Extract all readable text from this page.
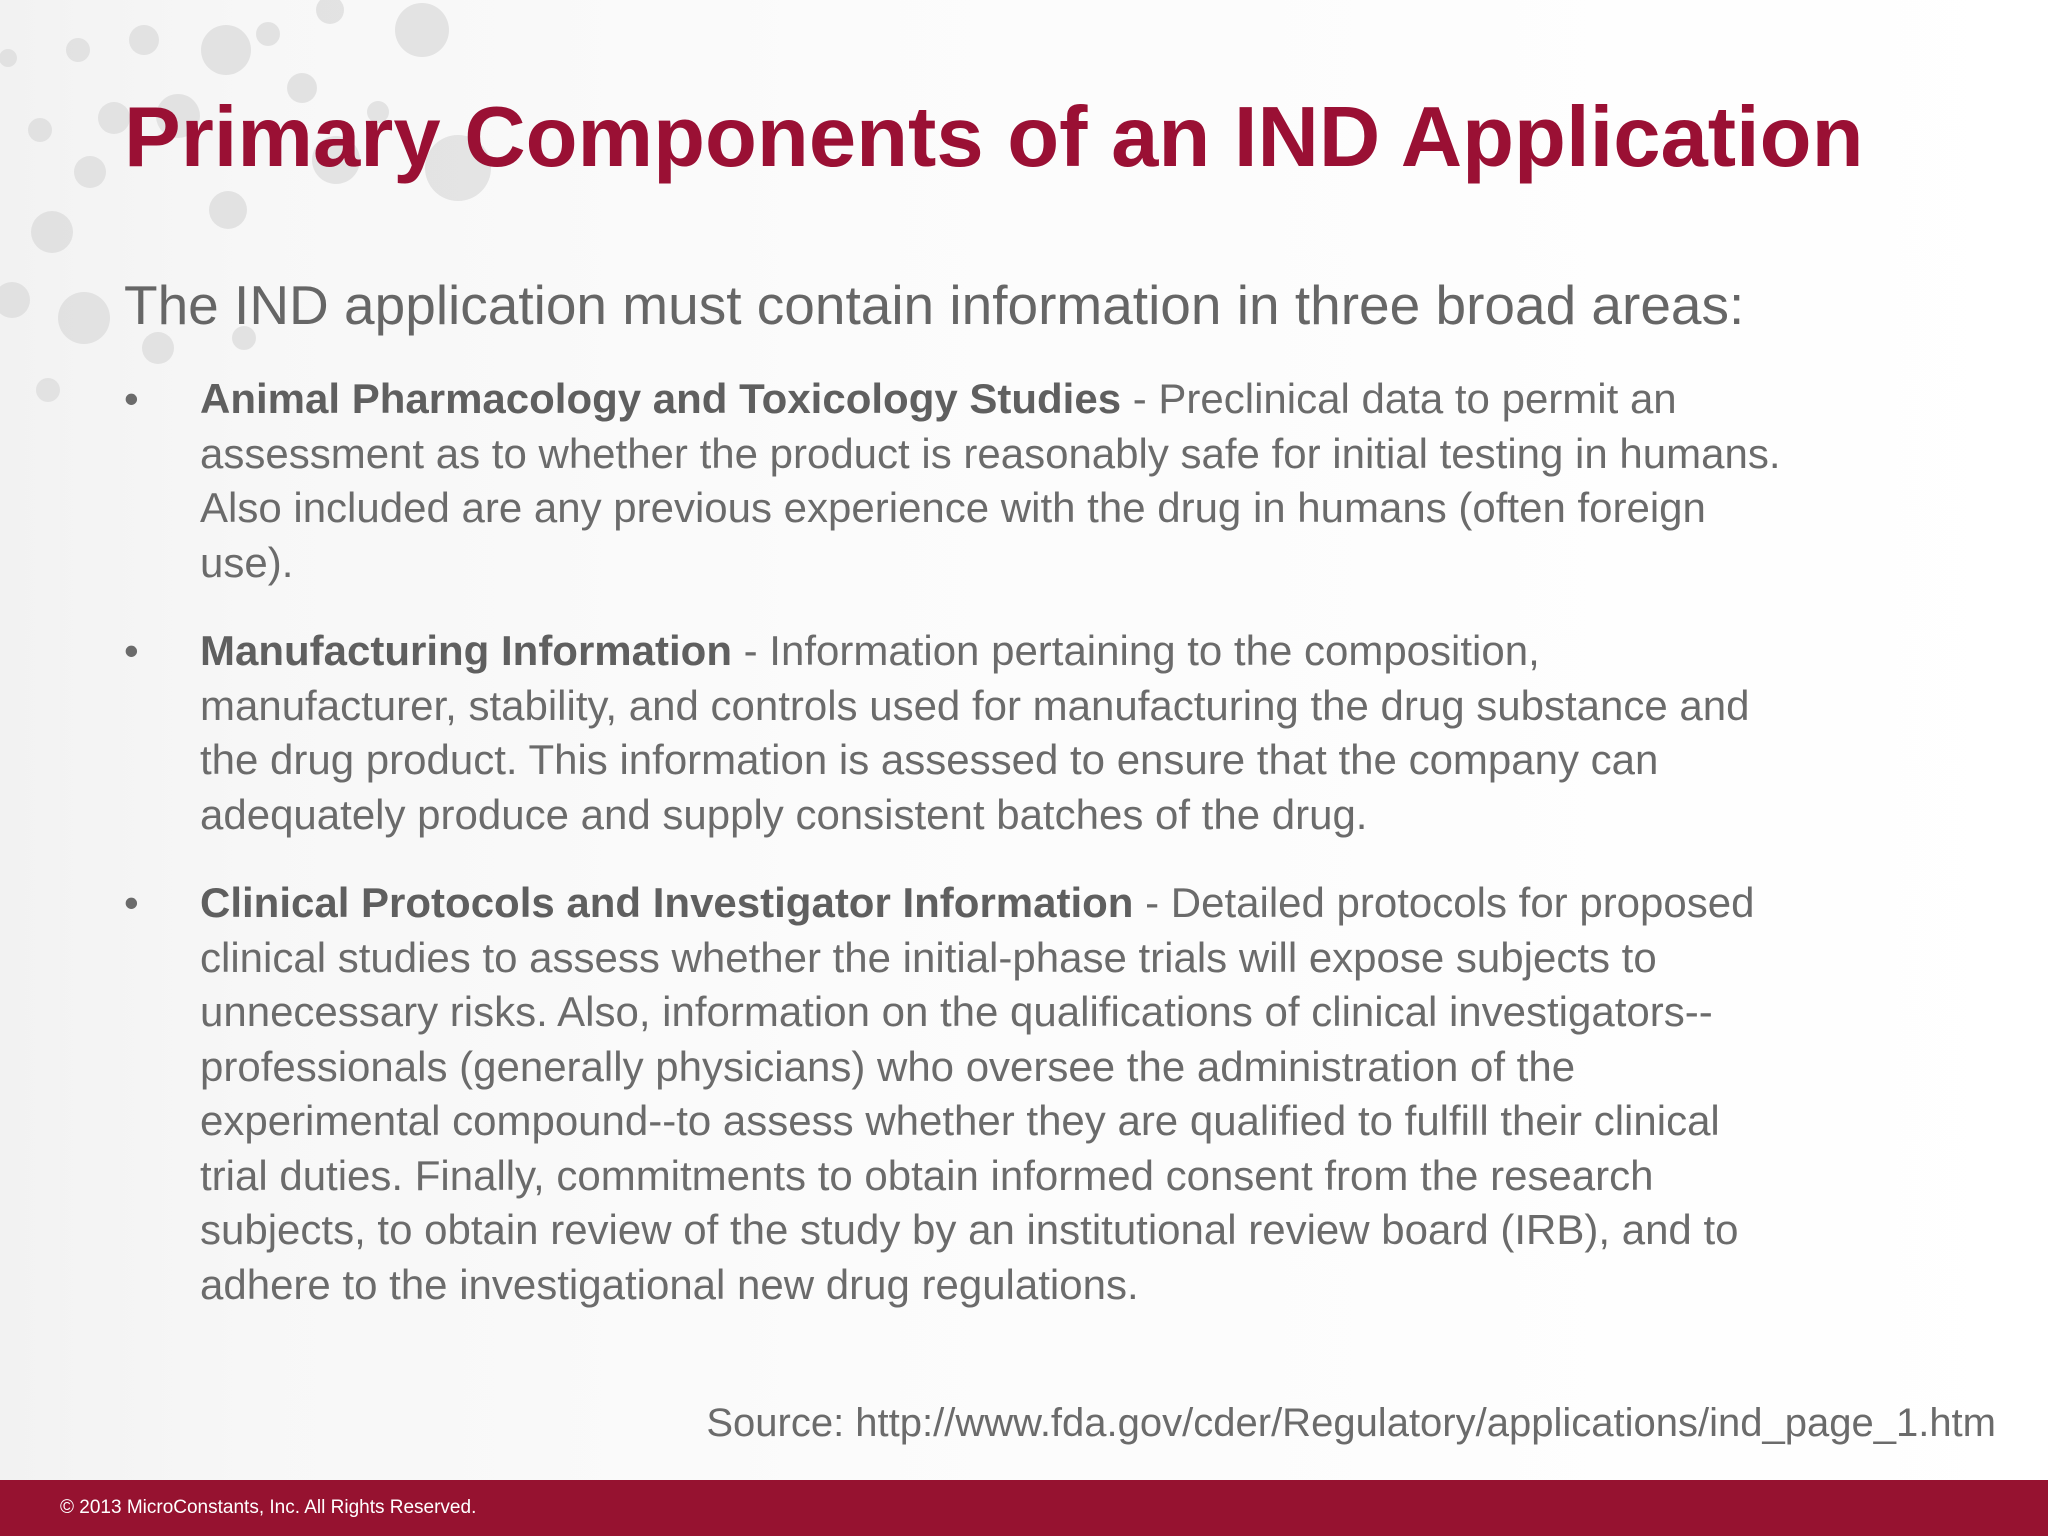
Primary Components of an IND Application

The IND application must contain information in three broad areas:

•	Animal Pharmacology and Toxicology Studies - Preclinical data to permit an
assessment as to whether the product is reasonably safe for initial testing in humans.
Also included are any previous experience with the drug in humans (often foreign
use).
•	Manufacturing Information - Information pertaining to the composition,
manufacturer, stability, and controls used for manufacturing the drug substance and
the drug product. This information is assessed to ensure that the company can
adequately produce and supply consistent batches of the drug.
•	Clinical Protocols and Investigator Information - Detailed protocols for proposed
clinical studies to assess whether the initial-phase trials will expose subjects to
unnecessary risks. Also, information on the qualifications of clinical investigators--
professionals (generally physicians) who oversee the administration of the
experimental compound--to assess whether they are qualified to fulfill their clinical
trial duties. Finally, commitments to obtain informed consent from the research
subjects, to obtain review of the study by an institutional review board (IRB), and to
adhere to the investigational new drug regulations.
Source: http://www.fda.gov/cder/Regulatory/applications/ind_page_1.htm
© 2013 MicroConstants, Inc. All Rights Reserved.
